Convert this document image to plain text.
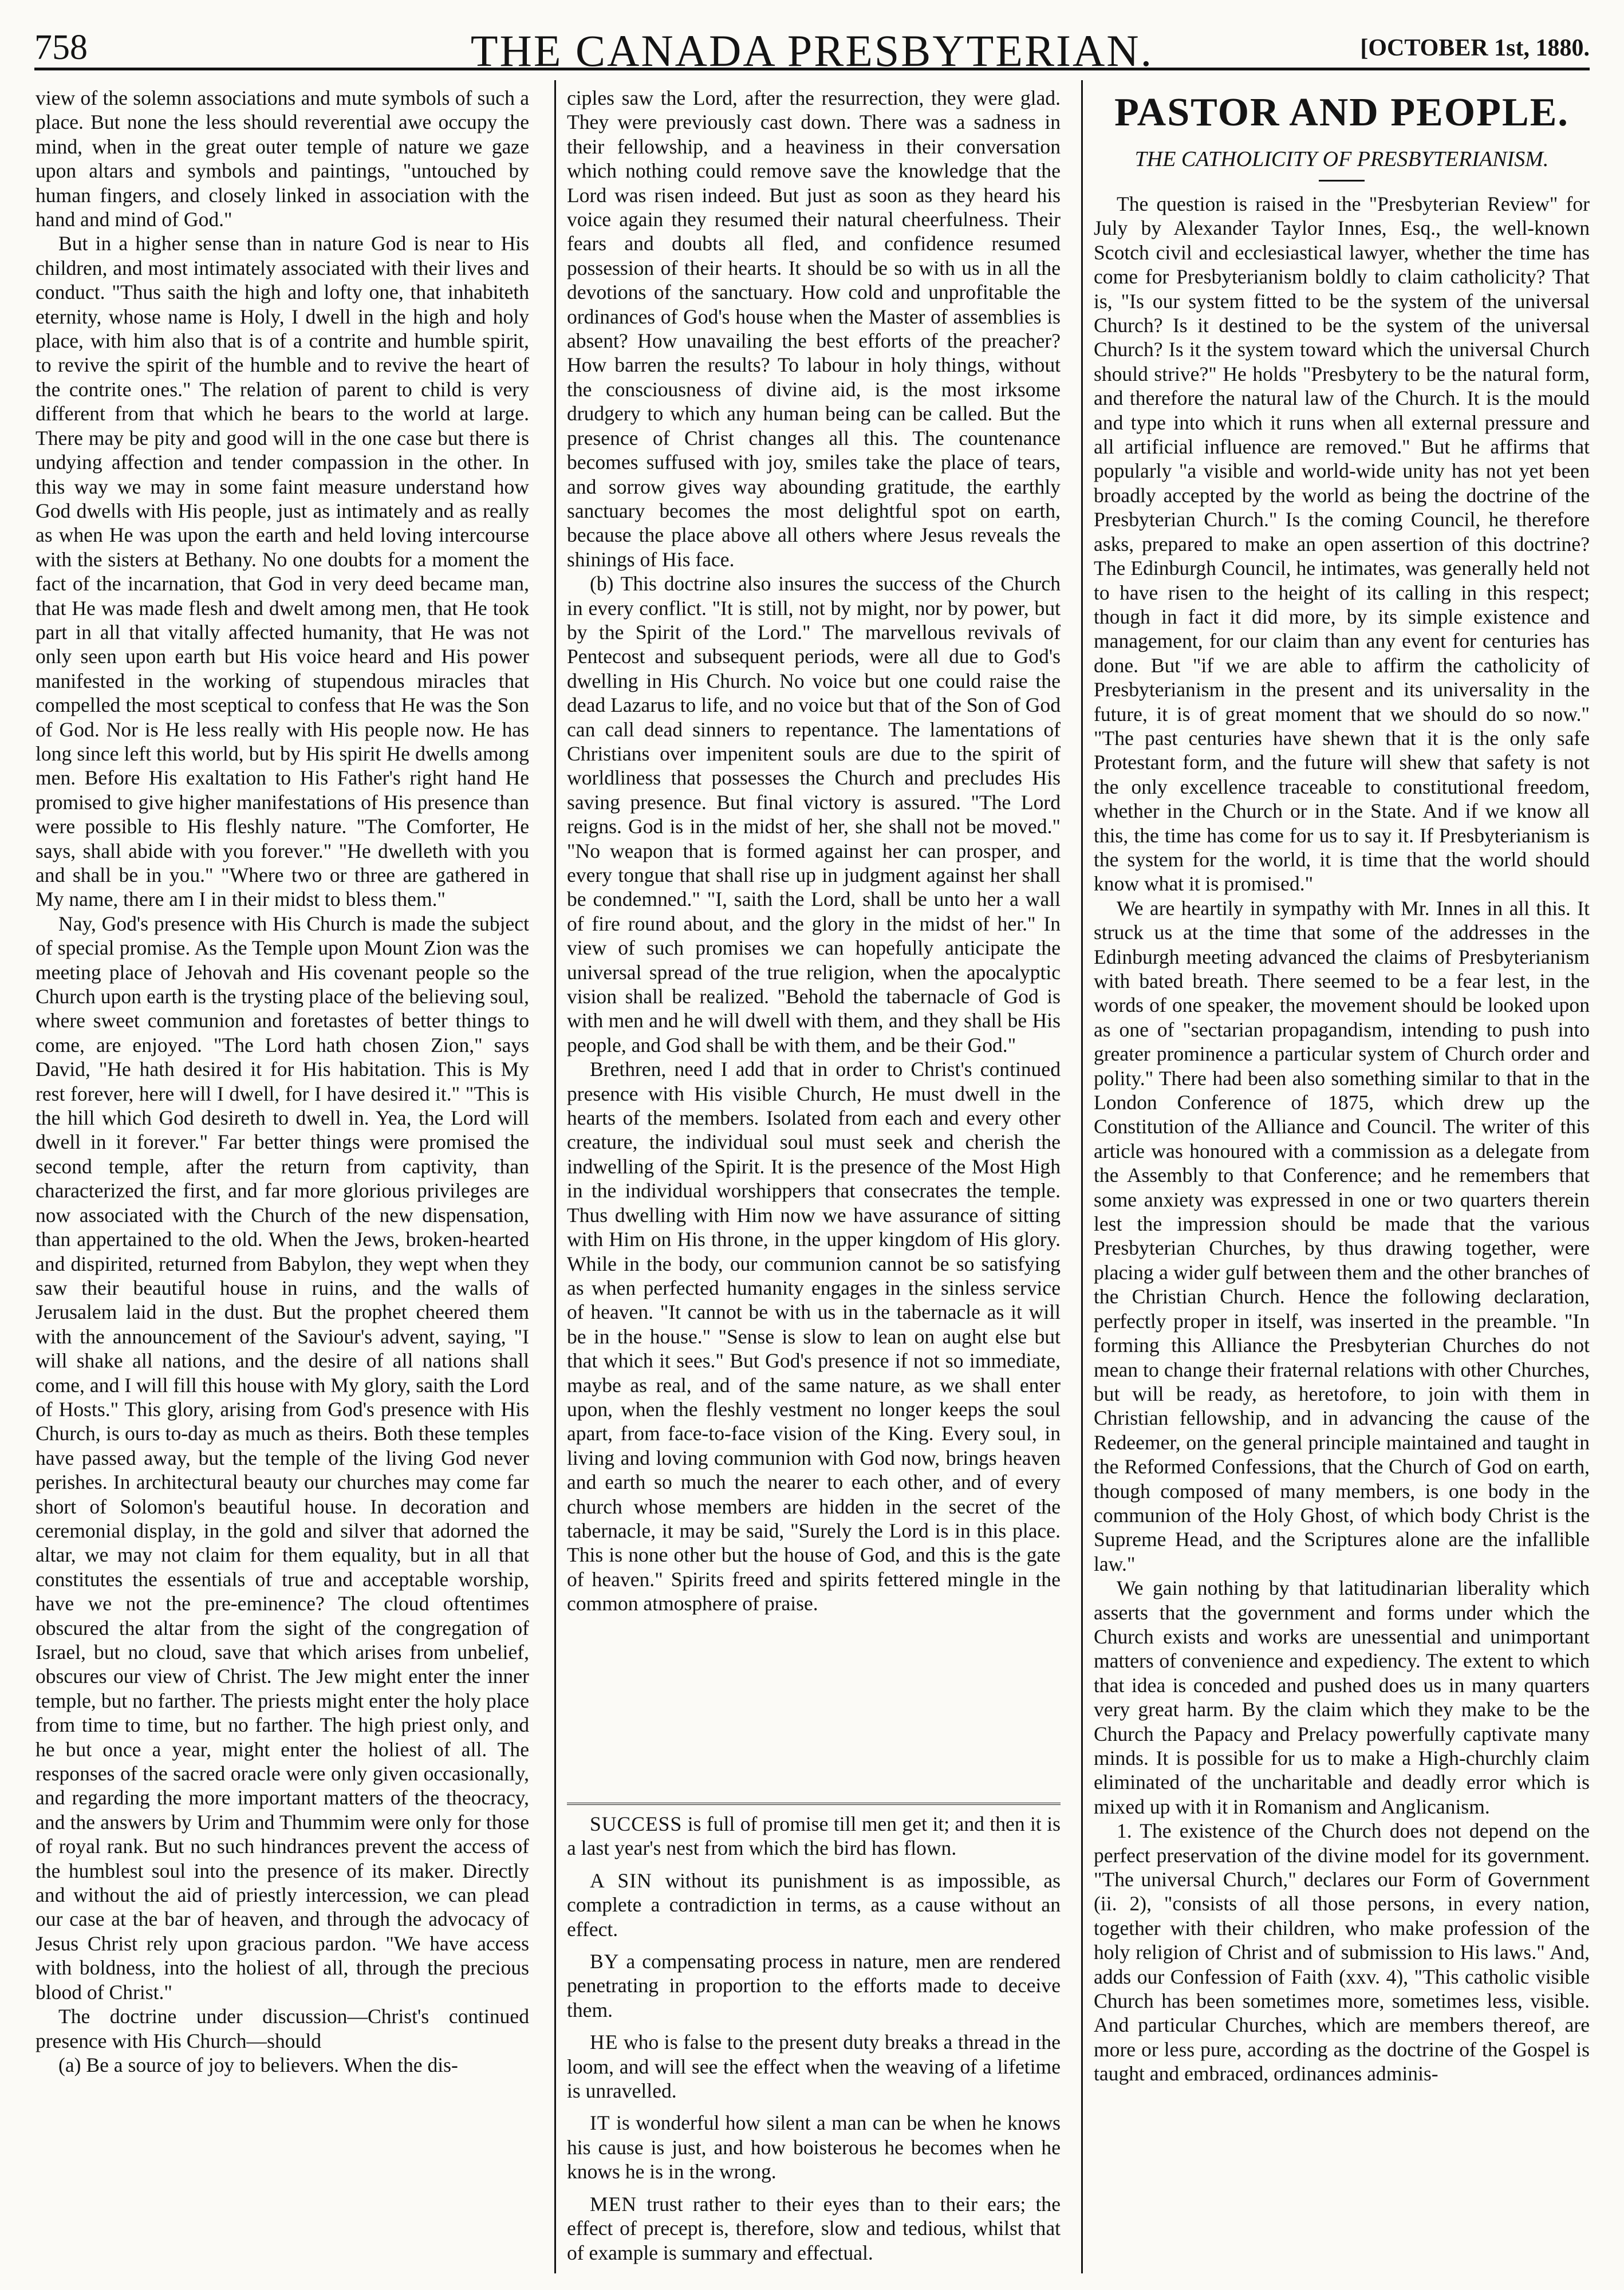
758	THE CANADA PRESBYTERIAN.	[OCTOBER 1st, 1880.

view of the solemn associations and mute symbols of such a place. But none the less should reverential awe occupy the mind, when in the great outer temple of nature we gaze upon altars and symbols and paintings, "untouched by human fingers, and closely linked in association with the hand and mind of God."

But in a higher sense than in nature God is near to His children, and most intimately associated with their lives and conduct. "Thus saith the high and lofty one, that inhabiteth eternity, whose name is Holy, I dwell in the high and holy place, with him also that is of a contrite and humble spirit, to revive the spirit of the humble and to revive the heart of the contrite ones." The relation of parent to child is very different from that which he bears to the world at large. There may be pity and good will in the one case but there is undying affection and tender compassion in the other. In this way we may in some faint measure understand how God dwells with His people, just as intimately and as really as when He was upon the earth and held loving intercourse with the sisters at Bethany. No one doubts for a moment the fact of the incarnation, that God in very deed became man, that He was made flesh and dwelt among men, that He took part in all that vitally affected humanity, that He was not only seen upon earth but His voice heard and His power manifested in the working of stupendous miracles that compelled the most sceptical to confess that He was the Son of God. Nor is He less really with His people now. He has long since left this world, but by His spirit He dwells among men. Before His exaltation to His Father's right hand He promised to give higher manifestations of His presence than were possible to His fleshly nature. "The Comforter, He says, shall abide with you forever." "He dwelleth with you and shall be in you." "Where two or three are gathered in My name, there am I in their midst to bless them."

Nay, God's presence with His Church is made the subject of special promise. As the Temple upon Mount Zion was the meeting place of Jehovah and His covenant people so the Church upon earth is the trysting place of the believing soul, where sweet communion and foretastes of better things to come, are enjoyed. "The Lord hath chosen Zion," says David, "He hath desired it for His habitation. This is My rest forever, here will I dwell, for I have desired it." "This is the hill which God desireth to dwell in. Yea, the Lord will dwell in it forever." Far better things were promised the second temple, after the return from captivity, than characterized the first, and far more glorious privileges are now associated with the Church of the new dispensation, than appertained to the old. When the Jews, broken-hearted and dispirited, returned from Babylon, they wept when they saw their beautiful house in ruins, and the walls of Jerusalem laid in the dust. But the prophet cheered them with the announcement of the Saviour's advent, saying, "I will shake all nations, and the desire of all nations shall come, and I will fill this house with My glory, saith the Lord of Hosts." This glory, arising from God's presence with His Church, is ours to-day as much as theirs. Both these temples have passed away, but the temple of the living God never perishes. In architectural beauty our churches may come far short of Solomon's beautiful house. In decoration and ceremonial display, in the gold and silver that adorned the altar, we may not claim for them equality, but in all that constitutes the essentials of true and acceptable worship, have we not the pre-eminence? The cloud oftentimes obscured the altar from the sight of the congregation of Israel, but no cloud, save that which arises from unbelief, obscures our view of Christ. The Jew might enter the inner temple, but no farther. The priests might enter the holy place from time to time, but no farther. The high priest only, and he but once a year, might enter the holiest of all. The responses of the sacred oracle were only given occasionally, and regarding the more important matters of the theocracy, and the answers by Urim and Thummim were only for those of royal rank. But no such hindrances prevent the access of the humblest soul into the presence of its maker. Directly and without the aid of priestly intercession, we can plead our case at the bar of heaven, and through the advocacy of Jesus Christ rely upon gracious pardon. "We have access with boldness, into the holiest of all, through the precious blood of Christ."

The doctrine under discussion—Christ's continued presence with His Church—should

(a) Be a source of joy to believers. When the dis-

ciples saw the Lord, after the resurrection, they were glad. They were previously cast down. There was a sadness in their fellowship, and a heaviness in their conversation which nothing could remove save the knowledge that the Lord was risen indeed. But just as soon as they heard his voice again they resumed their natural cheerfulness. Their fears and doubts all fled, and confidence resumed possession of their hearts. It should be so with us in all the devotions of the sanctuary. How cold and unprofitable the ordinances of God's house when the Master of assemblies is absent? How unavailing the best efforts of the preacher? How barren the results? To labour in holy things, without the consciousness of divine aid, is the most irksome drudgery to which any human being can be called. But the presence of Christ changes all this. The countenance becomes suffused with joy, smiles take the place of tears, and sorrow gives way abounding gratitude, the earthly sanctuary becomes the most delightful spot on earth, because the place above all others where Jesus reveals the shinings of His face.

(b) This doctrine also insures the success of the Church in every conflict. "It is still, not by might, nor by power, but by the Spirit of the Lord." The marvellous revivals of Pentecost and subsequent periods, were all due to God's dwelling in His Church. No voice but one could raise the dead Lazarus to life, and no voice but that of the Son of God can call dead sinners to repentance. The lamentations of Christians over impenitent souls are due to the spirit of worldliness that possesses the Church and precludes His saving presence. But final victory is assured. "The Lord reigns. God is in the midst of her, she shall not be moved." "No weapon that is formed against her can prosper, and every tongue that shall rise up in judgment against her shall be condemned." "I, saith the Lord, shall be unto her a wall of fire round about, and the glory in the midst of her." In view of such promises we can hopefully anticipate the universal spread of the true religion, when the apocalyptic vision shall be realized. "Behold the tabernacle of God is with men and he will dwell with them, and they shall be His people, and God shall be with them, and be their God."

Brethren, need I add that in order to Christ's continued presence with His visible Church, He must dwell in the hearts of the members. Isolated from each and every other creature, the individual soul must seek and cherish the indwelling of the Spirit. It is the presence of the Most High in the individual worshippers that consecrates the temple. Thus dwelling with Him now we have assurance of sitting with Him on His throne, in the upper kingdom of His glory. While in the body, our communion cannot be so satisfying as when perfected humanity engages in the sinless service of heaven. "It cannot be with us in the tabernacle as it will be in the house." "Sense is slow to lean on aught else but that which it sees." But God's presence if not so immediate, maybe as real, and of the same nature, as we shall enter upon, when the fleshly vestment no longer keeps the soul apart, from face-to-face vision of the King. Every soul, in living and loving communion with God now, brings heaven and earth so much the nearer to each other, and of every church whose members are hidden in the secret of the tabernacle, it may be said, "Surely the Lord is in this place. This is none other but the house of God, and this is the gate of heaven." Spirits freed and spirits fettered mingle in the common atmosphere of praise.

SUCCESS is full of promise till men get it; and then it is a last year's nest from which the bird has flown.

A SIN without its punishment is as impossible, as complete a contradiction in terms, as a cause without an effect.

BY a compensating process in nature, men are rendered penetrating in proportion to the efforts made to deceive them.

HE who is false to the present duty breaks a thread in the loom, and will see the effect when the weaving of a lifetime is unravelled.

IT is wonderful how silent a man can be when he knows his cause is just, and how boisterous he becomes when he knows he is in the wrong.

MEN trust rather to their eyes than to their ears; the effect of precept is, therefore, slow and tedious, whilst that of example is summary and effectual.

PASTOR AND PEOPLE.
THE CATHOLICITY OF PRESBYTERIANISM.

The question is raised in the "Presbyterian Review" for July by Alexander Taylor Innes, Esq., the well-known Scotch civil and ecclesiastical lawyer, whether the time has come for Presbyterianism boldly to claim catholicity? That is, "Is our system fitted to be the system of the universal Church? Is it destined to be the system of the universal Church? Is it the system toward which the universal Church should strive?" He holds "Presbytery to be the natural form, and therefore the natural law of the Church. It is the mould and type into which it runs when all external pressure and all artificial influence are removed." But he affirms that popularly "a visible and world-wide unity has not yet been broadly accepted by the world as being the doctrine of the Presbyterian Church." Is the coming Council, he therefore asks, prepared to make an open assertion of this doctrine? The Edinburgh Council, he intimates, was generally held not to have risen to the height of its calling in this respect; though in fact it did more, by its simple existence and management, for our claim than any event for centuries has done. But "if we are able to affirm the catholicity of Presbyterianism in the present and its universality in the future, it is of great moment that we should do so now." "The past centuries have shewn that it is the only safe Protestant form, and the future will shew that safety is not the only excellence traceable to constitutional freedom, whether in the Church or in the State. And if we know all this, the time has come for us to say it. If Presbyterianism is the system for the world, it is time that the world should know what it is promised."

We are heartily in sympathy with Mr. Innes in all this. It struck us at the time that some of the addresses in the Edinburgh meeting advanced the claims of Presbyterianism with bated breath. There seemed to be a fear lest, in the words of one speaker, the movement should be looked upon as one of "sectarian propagandism, intending to push into greater prominence a particular system of Church order and polity." There had been also something similar to that in the London Conference of 1875, which drew up the Constitution of the Alliance and Council. The writer of this article was honoured with a commission as a delegate from the Assembly to that Conference; and he remembers that some anxiety was expressed in one or two quarters therein lest the impression should be made that the various Presbyterian Churches, by thus drawing together, were placing a wider gulf between them and the other branches of the Christian Church. Hence the following declaration, perfectly proper in itself, was inserted in the preamble. "In forming this Alliance the Presbyterian Churches do not mean to change their fraternal relations with other Churches, but will be ready, as heretofore, to join with them in Christian fellowship, and in advancing the cause of the Redeemer, on the general principle maintained and taught in the Reformed Confessions, that the Church of God on earth, though composed of many members, is one body in the communion of the Holy Ghost, of which body Christ is the Supreme Head, and the Scriptures alone are the infallible law."

We gain nothing by that latitudinarian liberality which asserts that the government and forms under which the Church exists and works are unessential and unimportant matters of convenience and expediency. The extent to which that idea is conceded and pushed does us in many quarters very great harm. By the claim which they make to be the Church the Papacy and Prelacy powerfully captivate many minds. It is possible for us to make a High-churchly claim eliminated of the uncharitable and deadly error which is mixed up with it in Romanism and Anglicanism.

1. The existence of the Church does not depend on the perfect preservation of the divine model for its government. "The universal Church," declares our Form of Government (ii. 2), "consists of all those persons, in every nation, together with their children, who make profession of the holy religion of Christ and of submission to His laws." And, adds our Confession of Faith (xxv. 4), "This catholic visible Church has been sometimes more, sometimes less, visible. And particular Churches, which are members thereof, are more or less pure, according as the doctrine of the Gospel is taught and embraced, ordinances adminis-
